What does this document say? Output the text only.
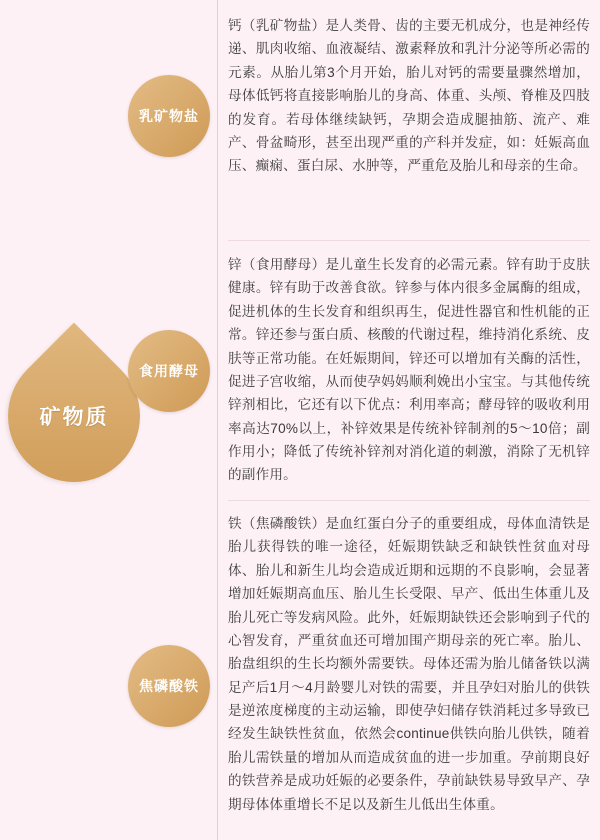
矿物质
乳矿物盐
食用酵母
焦磷酸铁
钙（乳矿物盐）是人类骨、齿的主要无机成分，也是神经传递、肌肉收缩、血液凝结、激素释放和乳汁分泌等所必需的元素。从胎儿第3个月开始，胎儿对钙的需要量骤然增加，母体低钙将直接影响胎儿的身高、体重、头颅、脊椎及四肢的发育。若母体继续缺钙，孕期会造成腿抽筋、流产、难产、骨盆畸形，甚至出现严重的产科并发症，如：妊娠高血压、癫痫、蛋白尿、水肿等，严重危及胎儿和母亲的生命。
锌（食用酵母）是儿童生长发育的必需元素。锌有助于皮肤健康。锌有助于改善食欲。锌参与体内很多金属酶的组成，促进机体的生长发育和组织再生，促进性器官和性机能的正常。锌还参与蛋白质、核酸的代谢过程，维持消化系统、皮肤等正常功能。在妊娠期间，锌还可以增加有关酶的活性，促进子宫收缩，从而使孕妈妈顺利娩出小宝宝。与其他传统锌剂相比，它还有以下优点：利用率高；酵母锌的吸收利用率高达70%以上，补锌效果是传统补锌制剂的5～10倍；副作用小；降低了传统补锌剂对消化道的刺激，消除了无机锌的副作用。
铁（焦磷酸铁）是血红蛋白分子的重要组成，母体血清铁是胎儿获得铁的唯一途径，妊娠期铁缺乏和缺铁性贫血对母体、胎儿和新生儿均会造成近期和远期的不良影响，会显著增加妊娠期高血压、胎儿生长受限、早产、低出生体重儿及胎儿死亡等发病风险。此外，妊娠期缺铁还会影响到子代的心智发育，严重贫血还可增加围产期母亲的死亡率。胎儿、胎盘组织的生长均额外需要铁。母体还需为胎儿储备铁以满足产后1月～4月龄婴儿对铁的需要，并且孕妇对胎儿的供铁是逆浓度梯度的主动运输，即使孕妇储存铁消耗过多导致已经发生缺铁性贫血，依然会continue供铁向胎儿供铁，随着胎儿需铁量的增加从而造成贫血的进一步加重。孕前期良好的铁营养是成功妊娠的必要条件，孕前缺铁易导致早产、孕期母体体重增长不足以及新生儿低出生体重。
